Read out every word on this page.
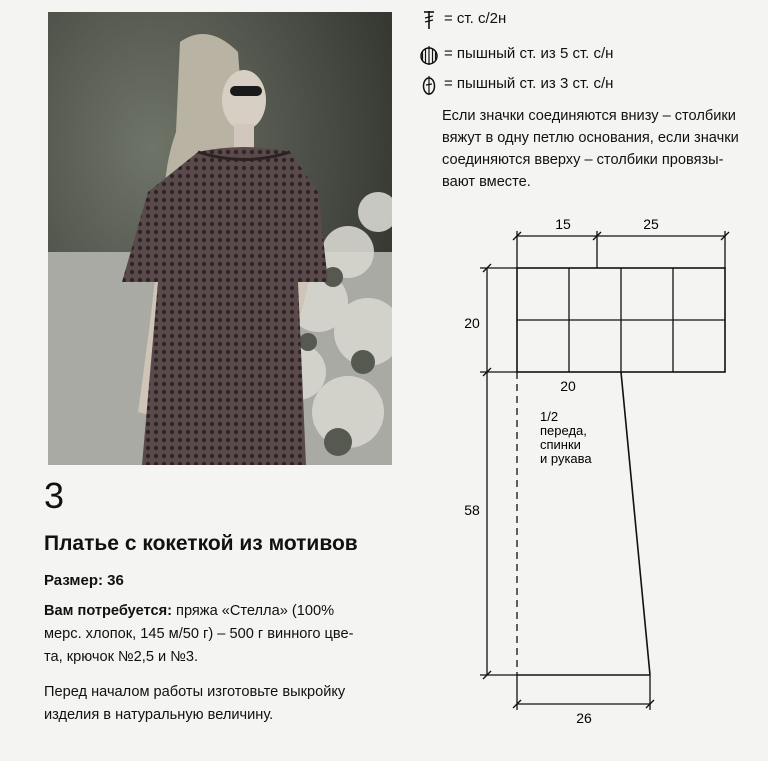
= ст. с/2н
= пышный ст. из 5 ст. с/н
= пышный ст. из 3 ст. с/н
Если значки соединяются внизу – столбики
вяжут в одну петлю основания, если значки
соединяются вверху – столбики провязы-
вают вместе.
3
Платье с кокеткой из мотивов
Размер: 36
Вам потребуется: пряжа «Стелла» (100%
мерс. хлопок, 145 м/50 г) – 500 г винного цве-
та, крючок №2,5 и №3.
Перед началом работы изготовьте выкройку
изделия в натуральную величину.
15	25
20
20
58
26
1/2
переда,
спинки
и рукава
